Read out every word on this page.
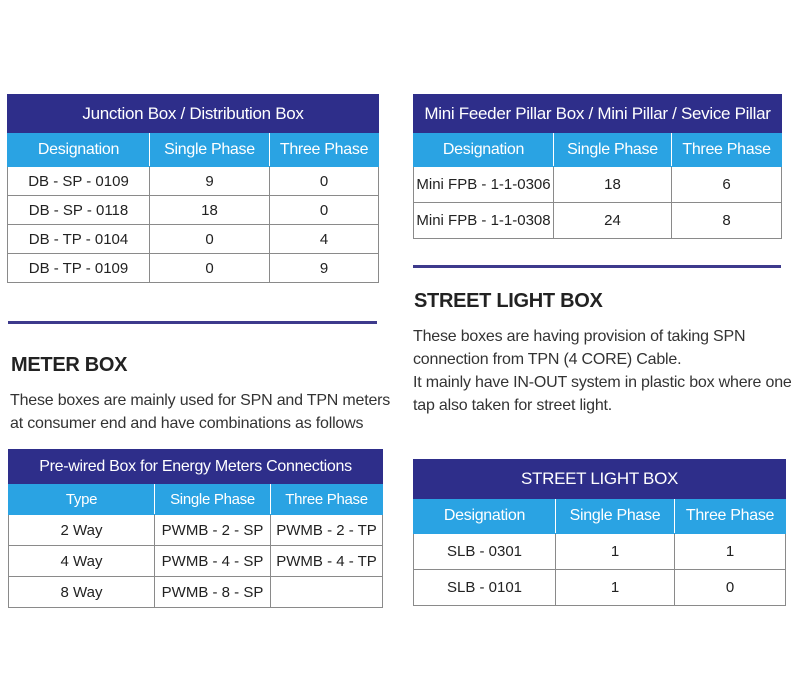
Junction Box / Distribution Box		
Designation	Single Phase	Three Phase
DB - SP - 0109	9	0
DB - SP - 0118	18	0
DB - TP - 0104	0	4
DB - TP - 0109	0	9
Mini Feeder Pillar Box / Mini Pillar / Sevice Pillar		
Designation	Single Phase	Three Phase
Mini FPB - 1-1-0306	18	6
Mini FPB - 1-1-0308	24	8
METER BOX
These boxes are mainly used for SPN and TPN meters
at consumer end and have combinations as follows
Pre-wired Box for Energy Meters Connections		
Type	Single Phase	Three Phase
2 Way	PWMB - 2 - SP	PWMB - 2 - TP
4 Way	PWMB - 4 - SP	PWMB - 4 - TP
8 Way	PWMB - 8 - SP	
STREET LIGHT BOX
These boxes are having provision of taking SPN
connection from TPN (4 CORE) Cable.
It mainly have IN-OUT system in plastic box where one
tap also taken for street light.
STREET LIGHT BOX		
Designation	Single Phase	Three Phase
SLB - 0301	1	1
SLB - 0101	1	0
